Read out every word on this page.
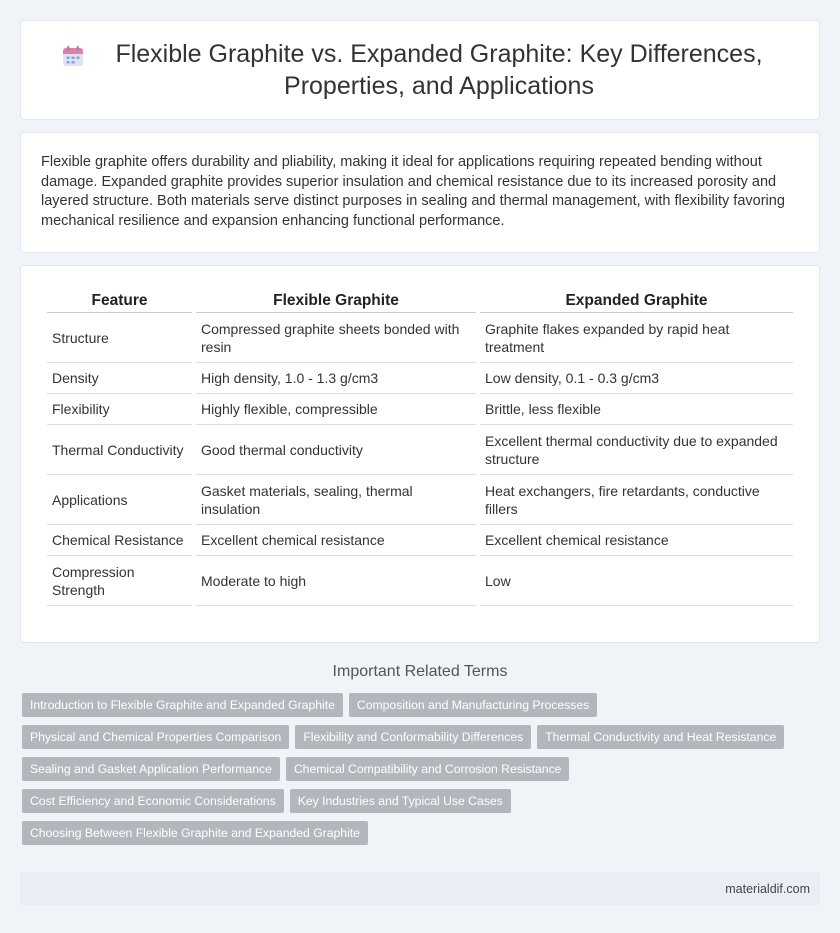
Flexible Graphite vs. Expanded Graphite: Key Differences, Properties, and Applications
Flexible graphite offers durability and pliability, making it ideal for applications requiring repeated bending without damage. Expanded graphite provides superior insulation and chemical resistance due to its increased porosity and layered structure. Both materials serve distinct purposes in sealing and thermal management, with flexibility favoring mechanical resilience and expansion enhancing functional performance.
Feature	Flexible Graphite	Expanded Graphite
Structure	Compressed graphite sheets bonded with resin	Graphite flakes expanded by rapid heat treatment
Density	High density, 1.0 - 1.3 g/cm3	Low density, 0.1 - 0.3 g/cm3
Flexibility	Highly flexible, compressible	Brittle, less flexible
Thermal Conductivity	Good thermal conductivity	Excellent thermal conductivity due to expanded structure
Applications	Gasket materials, sealing, thermal insulation	Heat exchangers, fire retardants, conductive fillers
Chemical Resistance	Excellent chemical resistance	Excellent chemical resistance
Compression Strength	Moderate to high	Low
Important Related Terms
Introduction to Flexible Graphite and Expanded Graphite	Composition and Manufacturing Processes
Physical and Chemical Properties Comparison	Flexibility and Conformability Differences	Thermal Conductivity and Heat Resistance
Sealing and Gasket Application Performance	Chemical Compatibility and Corrosion Resistance
Cost Efficiency and Economic Considerations	Key Industries and Typical Use Cases
Choosing Between Flexible Graphite and Expanded Graphite
materialdif.com
